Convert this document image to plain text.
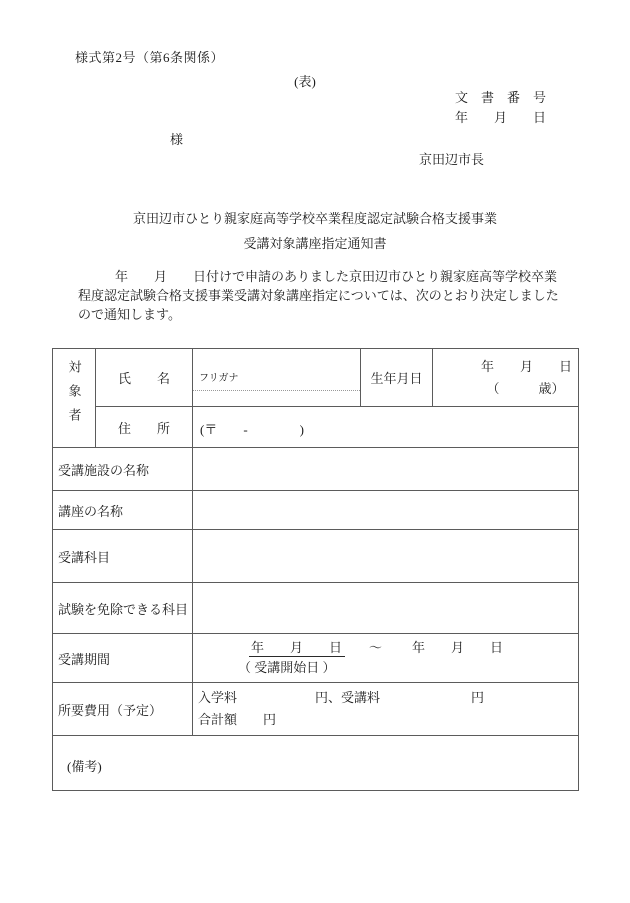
様式第2号（第6条関係）
(表)
文　書　番　号
年　　月　　日
様
京田辺市長
京田辺市ひとり親家庭高等学校卒業程度認定試験合格支援事業
受講対象講座指定通知書
年　　月　　日付けで申請のありました京田辺市ひとり親家庭高等学校卒業
程度認定試験合格支援事業受講対象講座指定については、次のとおり決定しました
ので通知します。
対象者	氏　　名	フリガナ	生年月日	年　　月　　日
（　　　歳）

	住　　所	(〒　　-　　　　)		
受講施設の名称				
講座の名称				
受講科目				
試験を免除できる科目				
受講期間		年　　月　　日 ～ 年　　月　　日
（ 受講開始日 ）		

所要費用（予定）		入学料　　　　　　円、受講料　　　　　　　円
合計額　　円		

(備考)				
